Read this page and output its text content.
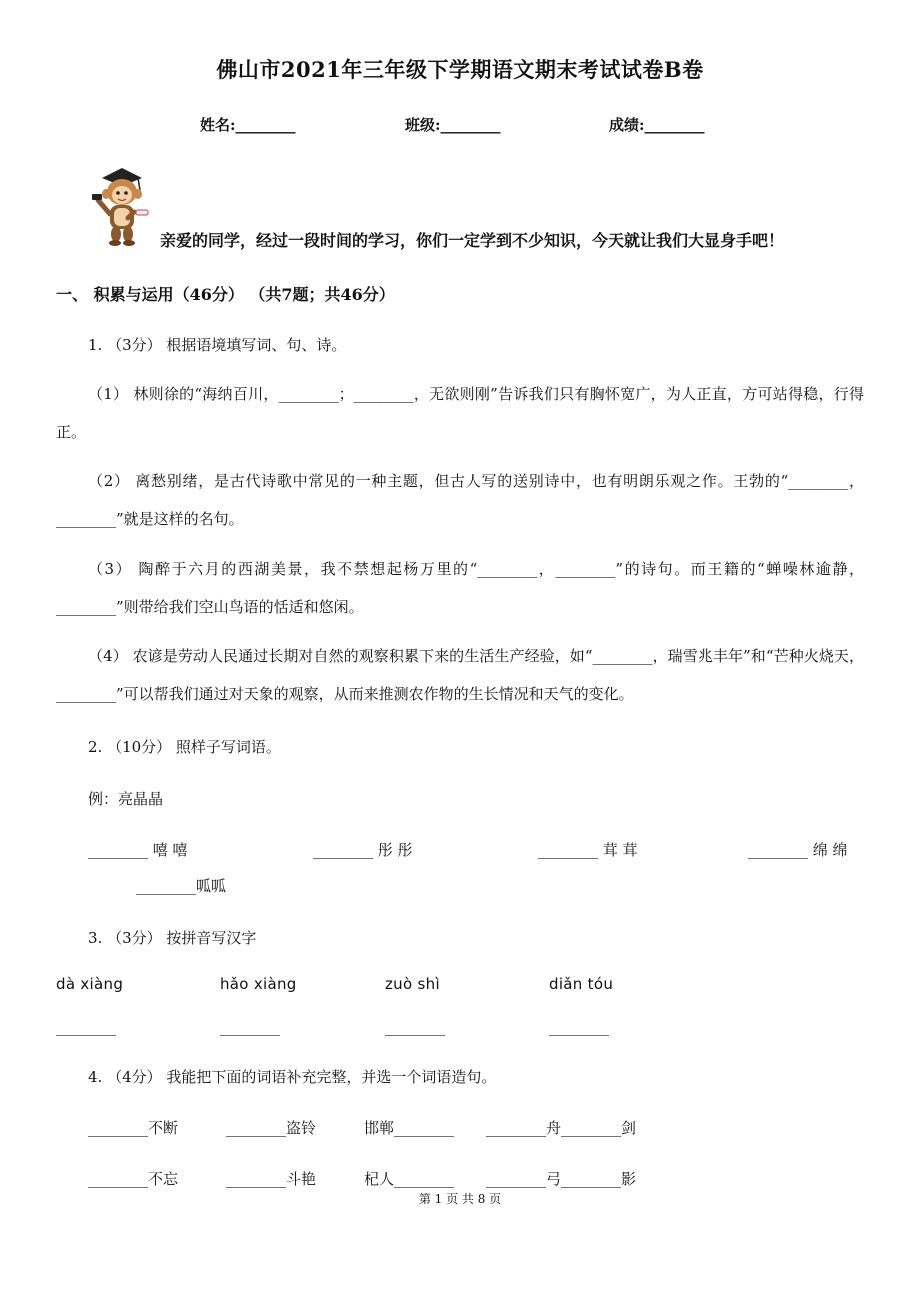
佛山市2021年三年级下学期语文期末考试试卷B卷
姓名:________	班级:________	成绩:________
亲爱的同学，经过一段时间的学习，你们一定学到不少知识，今天就让我们大显身手吧！
一、 积累与运用（46分） （共7题；共46分）
1. （3分） 根据语境填写词、句、诗。
（1） 林则徐的“海纳百川，________；________，无欲则刚”告诉我们只有胸怀宽广，为人正直，方可站得稳，行得正。
（2） 离愁别绪，是古代诗歌中常见的一种主题，但古人写的送别诗中，也有明朗乐观之作。王勃的“________，________”就是这样的名句。
（3） 陶醉于六月的西湖美景，我不禁想起杨万里的“________，________”的诗句。而王籍的“蝉噪林逾静，________”则带给我们空山鸟语的恬适和悠闲。
（4） 农谚是劳动人民通过长期对自然的观察积累下来的生活生产经验，如“________，瑞雪兆丰年”和“芒种火烧天，________”可以帮我们通过对天象的观察，从而来推测农作物的生长情况和天气的变化。
2. （10分） 照样子写词语。
例：亮晶晶
________ 嘻 嘻	________ 彤 彤	________ 茸 茸	________ 绵 绵
________呱呱
3. （3分） 按拼音写汉字
dà xiàng	hǎo xiàng	zuò shì	diǎn tóu
________	________	________	________
4. （4分） 我能把下面的词语补充完整，并选一个词语造句。
________不断	________盗铃	邯郸________ ________舟________剑
________不忘	________斗艳	杞人________ ________弓________影
第 1 页 共 8 页
